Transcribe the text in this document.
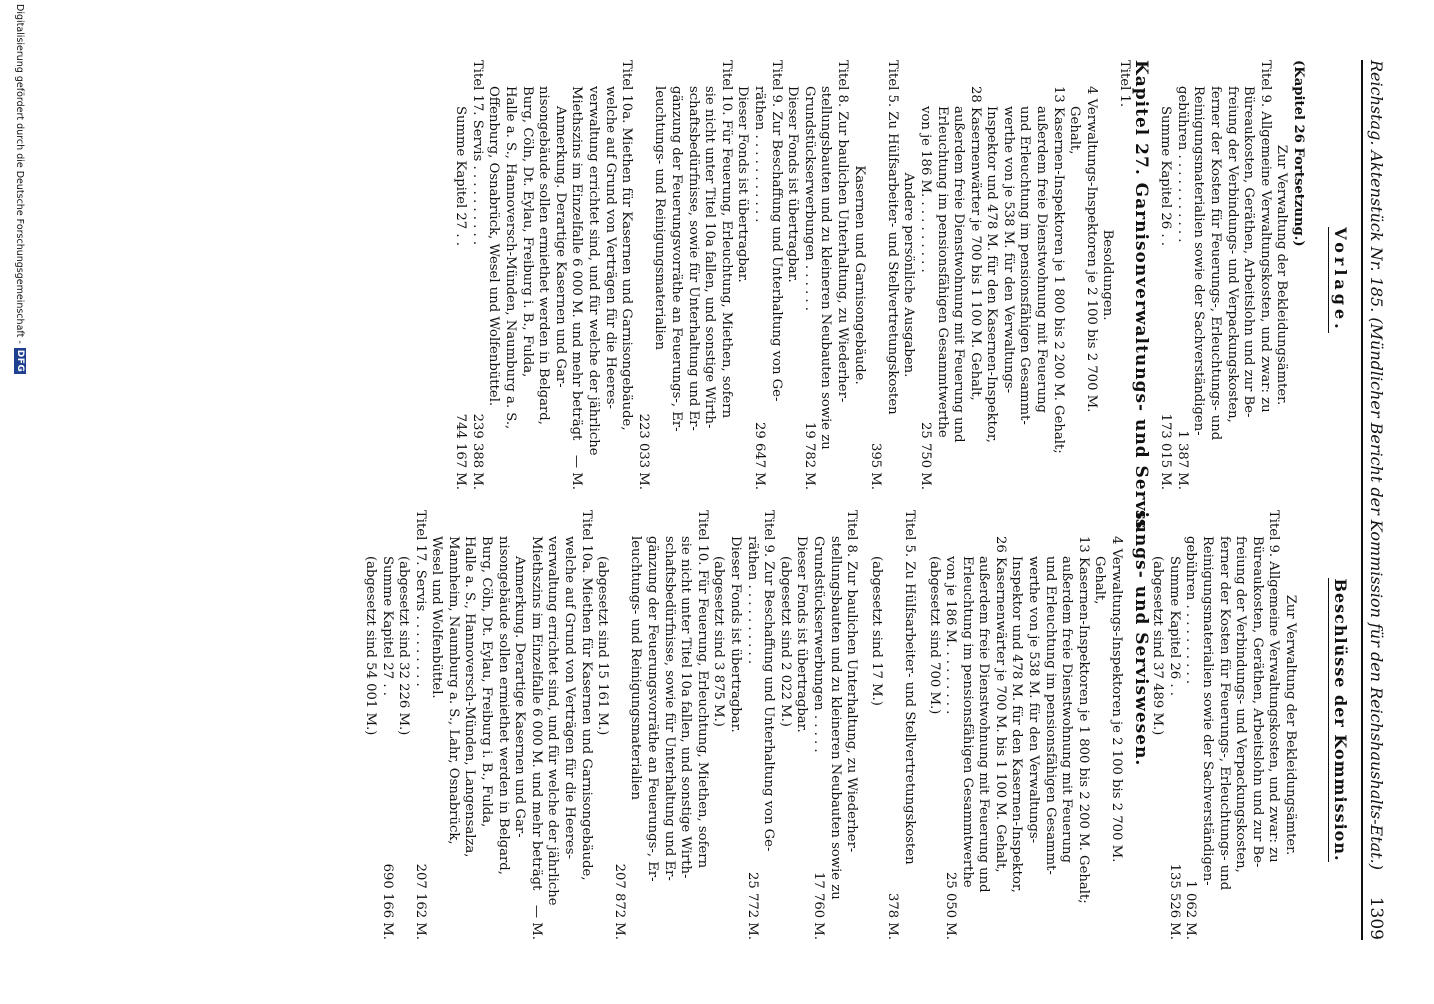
Reichstag. Aktenstück Nr. 185. (Mündlicher Bericht der Kommission für den Reichshaushalts-Etat.)
1309
Vorlage.
Beschlüsse der Kommission.
(Kapitel 26 Fortsetzung.)
Zur Verwaltung der Bekleidungsämter.
Titel 9. Allgemeine Verwaltungskosten, und zwar: zu
Büreaukosten, Geräthen, Arbeitslohn und zur Be-
freiung der Verbindungs- und Verpackungskosten,
ferner der Kosten für Feuerungs-, Erleuchtungs- und
Reinigungsmaterialien sowie der Sachverständigen-
gebühren . . . . . . . . . . .
1 387 M.
Summe Kapitel 26 . .
173 015 M.
Kapitel 27. Garnisonverwaltungs- und Servis
Titel 1.
Besoldungen.
4 Verwaltungs-Inspektoren je 2 100 bis 2 700 M.
Gehalt,
13 Kasernen-Inspektoren je 1 800 bis 2 200 M. Gehalt;
außerdem freie Dienstwohnung mit Feuerung
und Erleuchtung im pensionsfähigen Gesammt-
werthe von je 538 M. für den Verwaltungs-
Inspektor und 478 M. für den Kasernen-Inspektor,
28 Kasernenwärter je 700 bis 1 100 M. Gehalt,
außerdem freie Dienstwohnung mit Feuerung und
Erleuchtung im pensionsfähigen Gesammtwerthe
von je 186 M. . . . . . . . . .
25 750 M.
Andere persönliche Ausgaben.
Titel 5. Zu Hülfsarbeiter- und Stellvertretungskosten
395 M.
Kasernen und Garnisongebäude.
Titel 8. Zur baulichen Unterhaltung, zu Wiederher-
stellungsbauten und zu kleineren Neubauten sowie zu
Grundstückserwerbungen . . . . . .
19 782 M.
Dieser Fonds ist übertragbar.
Titel 9. Zur Beschaffung und Unterhaltung von Ge-
räthen . . . . . . . . . . .
29 647 M.
Dieser Fonds ist übertragbar.
Titel 10. Für Feuerung, Erleuchtung, Miethen, sofern
sie nicht unter Titel 10a fallen, und sonstige Wirth-
schaftsbedürfnisse, sowie für Unterhaltung und Er-
gänzung der Feuerungsvorräthe an Feuerungs-, Er-
leuchtungs- und Reinigungsmaterialien
223 033 M.
Titel 10a. Miethen für Kasernen und Garnisongebäude,
welche auf Grund von Verträgen für die Heeres-
verwaltung errichtet sind, und für welche der jährliche
Miethszins im Einzelfalle 6 000 M. und mehr beträgt
— M.
Anmerkung. Derartige Kasernen und Gar-
nisongebäude sollen ermiethet werden in Belgard,
Burg, Cöln, Dt. Eylau, Freiburg i. B., Fulda,
Halle a. S., Hannoversch-Münden, Naumburg a. S.,
Offenburg, Osnabrück, Wesel und Wolfenbüttel.
Titel 17. Servis . . . . . . . . . .
239 388 M.
Summe Kapitel 27 . .
744 167 M.
Zur Verwaltung der Bekleidungsämter.
Titel 9. Allgemeine Verwaltungskosten, und zwar: zu
Büreaukosten, Geräthen, Arbeitslohn und zur Be-
freiung der Verbindungs- und Verpackungskosten,
ferner der Kosten für Feuerungs-, Erleuchtungs- und
Reinigungsmaterialien sowie der Sachverständigen-
gebühren . . . . . . . . . .
1 062 M.
Summe Kapitel 26 . .
135 526 M.
(abgesetzt sind 37 489 M.)
sungs- und Serviswesen.
4 Verwaltungs-Inspektoren je 2 100 bis 2 700 M.
Gehalt,
13 Kasernen-Inspektoren je 1 800 bis 2 200 M. Gehalt;
außerdem freie Dienstwohnung mit Feuerung
und Erleuchtung im pensionsfähigen Gesammt-
werthe von je 538 M. für den Verwaltungs-
Inspektor und 478 M. für den Kasernen-Inspektor,
26 Kasernenwärter je 700 M. bis 1 100 M. Gehalt,
außerdem freie Dienstwohnung mit Feuerung und
Erleuchtung im pensionsfähigen Gesammtwerthe
von je 186 M. . . . . . . . .
25 050 M.
(abgesetzt sind 700 M.)
Titel 5. Zu Hülfsarbeiter- und Stellvertretungskosten
378 M.
(abgesetzt sind 17 M.)
Titel 8. Zur baulichen Unterhaltung, zu Wiederher-
stellungsbauten und zu kleineren Neubauten sowie zu
Grundstückserwerbungen . . . . .
17 760 M.
Dieser Fonds ist übertragbar.
(abgesetzt sind 2 022 M.)
Titel 9. Zur Beschaffung und Unterhaltung von Ge-
räthen . . . . . . . . . .
25 772 M.
Dieser Fonds ist übertragbar.
(abgesetzt sind 3 875 M.)
Titel 10. Für Feuerung, Erleuchtung, Miethen, sofern
sie nicht unter Titel 10a fallen, und sonstige Wirth-
schaftsbedürfnisse, sowie für Unterhaltung und Er-
gänzung der Feuerungsvorräthe an Feuerungs-, Er-
leuchtungs- und Reinigungsmaterialien
207 872 M.
(abgesetzt sind 15 161 M.)
Titel 10a. Miethen für Kasernen und Garnisongebäude,
welche auf Grund von Verträgen für die Heeres-
verwaltung errichtet sind, und für welche der jährliche
Miethszins im Einzelfalle 6 000 M. und mehr beträgt
— M.
Anmerkung. Derartige Kasernen und Gar-
nisongebäude sollen ermiethet werden in Belgard,
Burg, Cöln, Dt. Eylau, Freiburg i. B., Fulda,
Halle a. S., Hannoversch-Münden, Langensalza,
Mannheim, Naumburg a. S., Lahr, Osnabrück,
Wesel und Wolfenbüttel.
Titel 17. Servis . . . . . . . . .
207 162 M.
(abgesetzt sind 32 226 M.)
Summe Kapitel 27 . .
690 166 M.
(abgesetzt sind 54 001 M.)
Digitalisierung gefördert durch die Deutsche Forschungsgemeinschaft -
DFG
